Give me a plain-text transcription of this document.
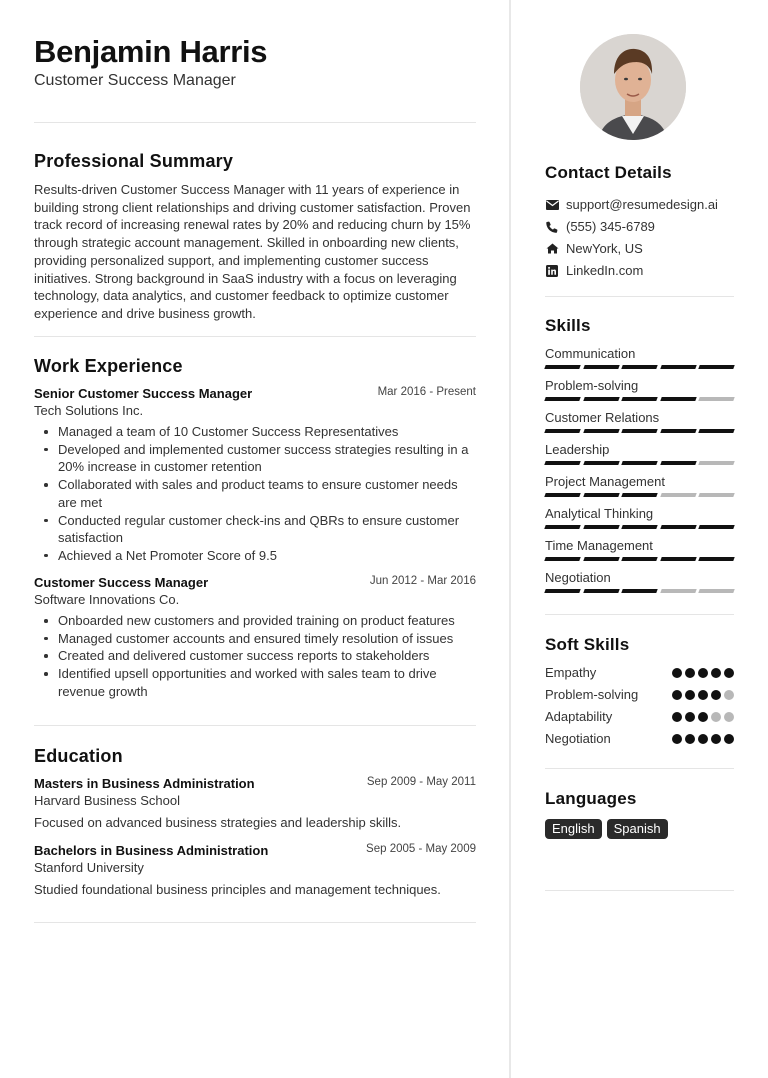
Benjamin Harris
Customer Success Manager
Professional Summary
Results-driven Customer Success Manager with 11 years of experience in building strong client relationships and driving customer satisfaction. Proven track record of increasing renewal rates by 20% and reducing churn by 15% through strategic account management. Skilled in onboarding new clients, providing personalized support, and implementing customer success initiatives. Strong background in SaaS industry with a focus on leveraging technology, data analytics, and customer feedback to optimize customer experience and drive business growth.
Work Experience
Senior Customer Success Manager	Mar 2016 - Present
Tech Solutions Inc.
Managed a team of 10 Customer Success Representatives
Developed and implemented customer success strategies resulting in a 20% increase in customer retention
Collaborated with sales and product teams to ensure customer needs are met
Conducted regular customer check-ins and QBRs to ensure customer satisfaction
Achieved a Net Promoter Score of 9.5
Customer Success Manager	Jun 2012 - Mar 2016
Software Innovations Co.
Onboarded new customers and provided training on product features
Managed customer accounts and ensured timely resolution of issues
Created and delivered customer success reports to stakeholders
Identified upsell opportunities and worked with sales team to drive revenue growth
Education
Masters in Business Administration	Sep 2009 - May 2011
Harvard Business School
Focused on advanced business strategies and leadership skills.
Bachelors in Business Administration	Sep 2005 - May 2009
Stanford University
Studied foundational business principles and management techniques.
Contact Details
support@resumedesign.ai
(555) 345-6789
NewYork, US
LinkedIn.com
Skills
Communication
Problem-solving
Customer Relations
Leadership
Project Management
Analytical Thinking
Time Management
Negotiation
Soft Skills
Empathy
Problem-solving
Adaptability
Negotiation
Languages
English	Spanish
